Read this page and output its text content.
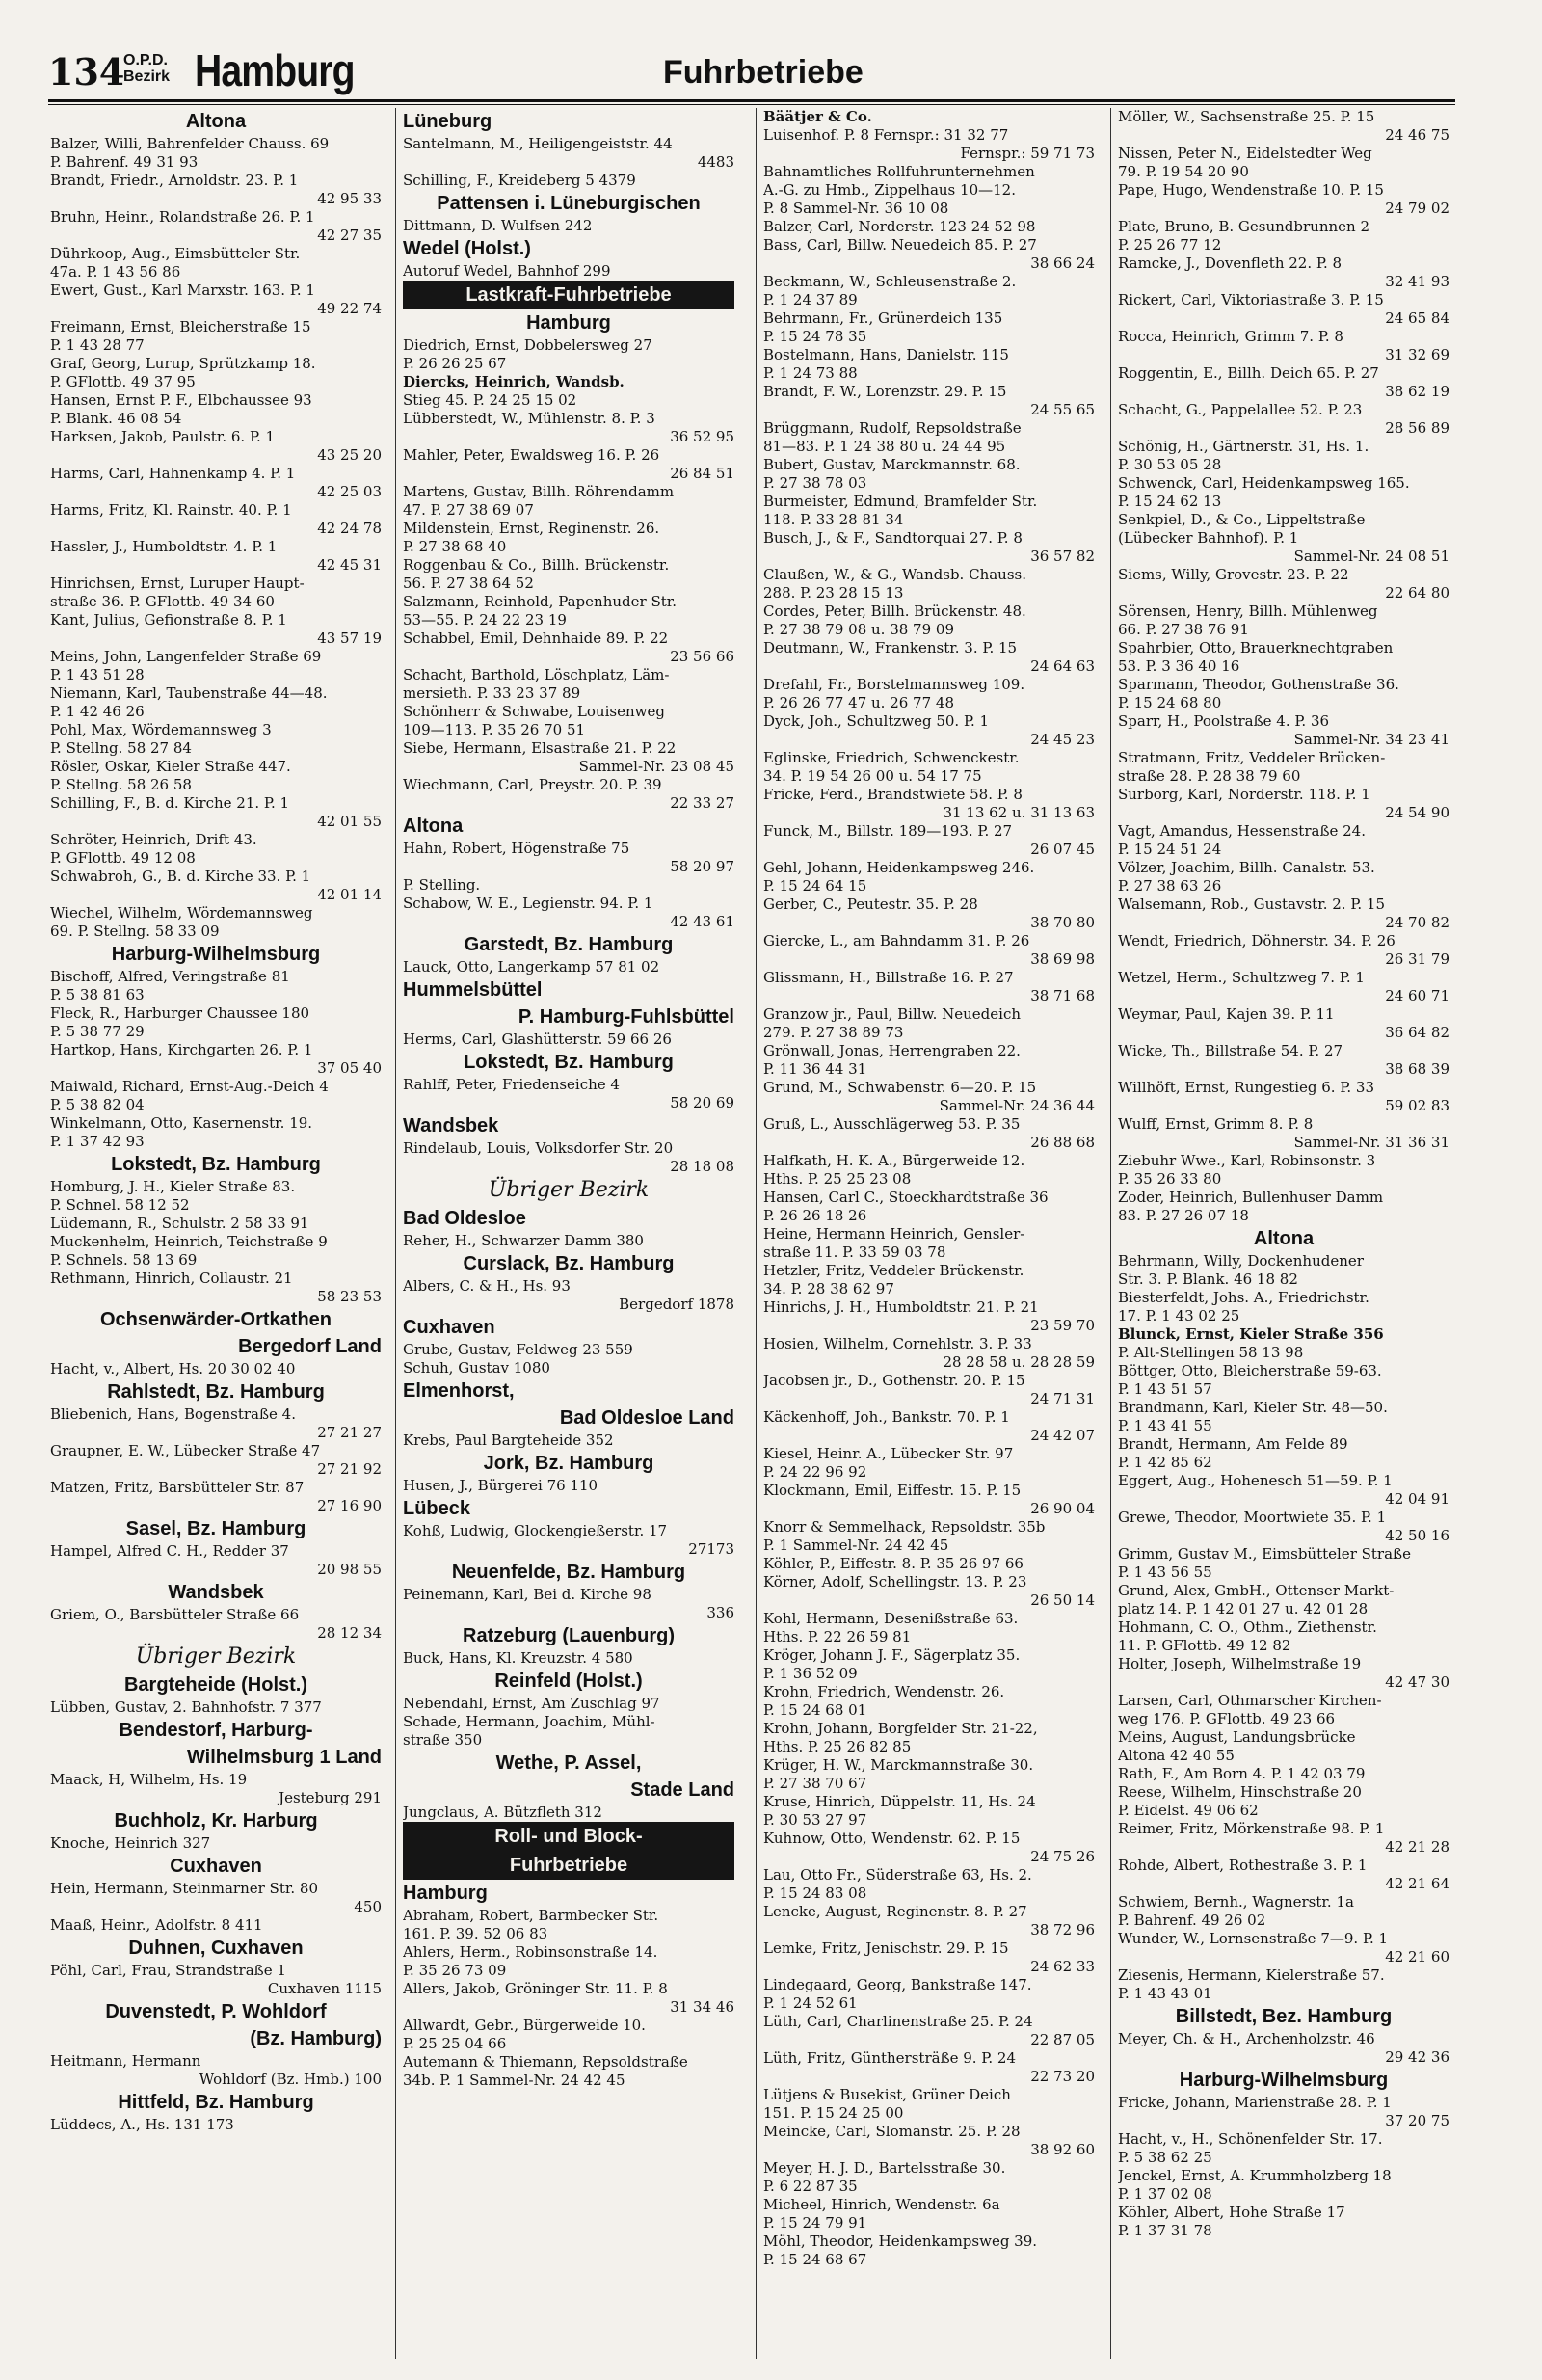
134
O.P.D.
Bezirk Hamburg	Fuhrbetriebe
Altona
Balzer, Willi, Bahrenfelder Chauss. 69
P. Bahrenf. 49 31 93
Brandt, Friedr., Arnoldstr. 23. P. 1
42 95 33
Bruhn, Heinr., Rolandstraße 26. P. 1
42 27 35
Dührkoop, Aug., Eimsbütteler Str.
47a. P. 1 43 56 86
Ewert, Gust., Karl Marxstr. 163. P. 1
49 22 74
Freimann, Ernst, Bleicherstraße 15
P. 1 43 28 77
Graf, Georg, Lurup, Sprützkamp 18.
P. GFlottb. 49 37 95
Hansen, Ernst P. F., Elbchaussee 93
P. Blank. 46 08 54
Harksen, Jakob, Paulstr. 6. P. 1
43 25 20
Harms, Carl, Hahnenkamp 4. P. 1
42 25 03
Harms, Fritz, Kl. Rainstr. 40. P. 1
42 24 78
Hassler, J., Humboldtstr. 4. P. 1
42 45 31
Hinrichsen, Ernst, Luruper Haupt-
straße 36. P. GFlottb. 49 34 60
Kant, Julius, Gefionstraße 8. P. 1
43 57 19
Meins, John, Langenfelder Straße 69
P. 1 43 51 28
Niemann, Karl, Taubenstraße 44—48.
P. 1 42 46 26
Pohl, Max, Wördemannsweg 3
P. Stellng. 58 27 84
Rösler, Oskar, Kieler Straße 447.
P. Stellng. 58 26 58
Schilling, F., B. d. Kirche 21. P. 1
42 01 55
Schröter, Heinrich, Drift 43.
P. GFlottb. 49 12 08
Schwabroh, G., B. d. Kirche 33. P. 1
42 01 14
Wiechel, Wilhelm, Wördemannsweg
69. P. Stellng. 58 33 09
Harburg-Wilhelmsburg
Bischoff, Alfred, Veringstraße 81
P. 5 38 81 63
Fleck, R., Harburger Chaussee 180
P. 5 38 77 29
Hartkop, Hans, Kirchgarten 26. P. 1
37 05 40
Maiwald, Richard, Ernst-Aug.-Deich 4
P. 5 38 82 04
Winkelmann, Otto, Kasernenstr. 19.
P. 1 37 42 93
Lokstedt, Bz. Hamburg
Homburg, J. H., Kieler Straße 83.
P. Schnel. 58 12 52
Lüdemann, R., Schulstr. 2 58 33 91
Muckenhelm, Heinrich, Teichstraße 9
P. Schnels. 58 13 69
Rethmann, Hinrich, Collaustr. 21
58 23 53
Ochsenwärder-Ortkathen
Bergedorf Land
Hacht, v., Albert, Hs. 20 30 02 40
Rahlstedt, Bz. Hamburg
Bliebenich, Hans, Bogenstraße 4.
27 21 27
Graupner, E. W., Lübecker Straße 47
27 21 92
Matzen, Fritz, Barsbütteler Str. 87
27 16 90
Sasel, Bz. Hamburg
Hampel, Alfred C. H., Redder 37
20 98 55
Wandsbek
Griem, O., Barsbütteler Straße 66
28 12 34
Übriger Bezirk
Bargteheide (Holst.)
Lübben, Gustav, 2. Bahnhofstr. 7 377
Bendestorf, Harburg-
Wilhelmsburg 1 Land
Maack, H, Wilhelm, Hs. 19
Jesteburg 291
Buchholz, Kr. Harburg
Knoche, Heinrich 327
Cuxhaven
Hein, Hermann, Steinmarner Str. 80
450
Maaß, Heinr., Adolfstr. 8 411
Duhnen, Cuxhaven
Pöhl, Carl, Frau, Strandstraße 1
Cuxhaven 1115
Duvenstedt, P. Wohldorf
(Bz. Hamburg)
Heitmann, Hermann
Wohldorf (Bz. Hmb.) 100
Hittfeld, Bz. Hamburg
Lüddecs, A., Hs. 131 173
Lüneburg
Santelmann, M., Heiligengeiststr. 44
4483
Schilling, F., Kreideberg 5 4379
Pattensen i. Lüneburgischen
Dittmann, D. Wulfsen 242
Wedel (Holst.)
Autoruf Wedel, Bahnhof 299
Lastkraft-Fuhrbetriebe
Hamburg
Diedrich, Ernst, Dobbelersweg 27
P. 26 26 25 67
Diercks, Heinrich, Wandsb.
Stieg 45. P. 24 25 15 02
Lübberstedt, W., Mühlenstr. 8. P. 3
36 52 95
Mahler, Peter, Ewaldsweg 16. P. 26
26 84 51
Martens, Gustav, Billh. Röhrendamm
47. P. 27 38 69 07
Mildenstein, Ernst, Reginenstr. 26.
P. 27 38 68 40
Roggenbau & Co., Billh. Brückenstr.
56. P. 27 38 64 52
Salzmann, Reinhold, Papenhuder Str.
53—55. P. 24 22 23 19
Schabbel, Emil, Dehnhaide 89. P. 22
23 56 66
Schacht, Barthold, Löschplatz, Läm-
mersieth. P. 33 23 37 89
Schönherr & Schwabe, Louisenweg
109—113. P. 35 26 70 51
Siebe, Hermann, Elsastraße 21. P. 22
Sammel-Nr. 23 08 45
Wiechmann, Carl, Preystr. 20. P. 39
22 33 27
Altona
Hahn, Robert, Högenstraße 75
58 20 97
P. Stelling.
Schabow, W. E., Legienstr. 94. P. 1
42 43 61
Garstedt, Bz. Hamburg
Lauck, Otto, Langerkamp 57 81 02
Hummelsbüttel
P. Hamburg-Fuhlsbüttel
Herms, Carl, Glashütterstr. 59 66 26
Lokstedt, Bz. Hamburg
Rahlff, Peter, Friedenseiche 4
58 20 69
Wandsbek
Rindelaub, Louis, Volksdorfer Str. 20
28 18 08
Übriger Bezirk
Bad Oldesloe
Reher, H., Schwarzer Damm 380
Curslack, Bz. Hamburg
Albers, C. & H., Hs. 93
Bergedorf 1878
Cuxhaven
Grube, Gustav, Feldweg 23 559
Schuh, Gustav 1080
Elmenhorst,
Bad Oldesloe Land
Krebs, Paul Bargteheide 352
Jork, Bz. Hamburg
Husen, J., Bürgerei 76 110
Lübeck
Kohß, Ludwig, Glockengießerstr. 17
27173
Neuenfelde, Bz. Hamburg
Peinemann, Karl, Bei d. Kirche 98
336
Ratzeburg (Lauenburg)
Buck, Hans, Kl. Kreuzstr. 4 580
Reinfeld (Holst.)
Nebendahl, Ernst, Am Zuschlag 97
Schade, Hermann, Joachim, Mühl-
straße 350
Wethe, P. Assel,
Stade Land
Jungclaus, A. Bützfleth 312
Roll- und Block-
Fuhrbetriebe
Hamburg
Abraham, Robert, Barmbecker Str.
161. P. 39. 52 06 83
Ahlers, Herm., Robinsonstraße 14.
P. 35 26 73 09
Allers, Jakob, Gröninger Str. 11. P. 8
31 34 46
Allwardt, Gebr., Bürgerweide 10.
P. 25 25 04 66
Autemann & Thiemann, Repsoldstraße
34b. P. 1 Sammel-Nr. 24 42 45
Bäätjer & Co.
Luisenhof. P. 8 Fernspr.: 31 32 77
Fernspr.: 59 71 73
Bahnamtliches Rollfuhrunternehmen
A.-G. zu Hmb., Zippelhaus 10—12.
P. 8 Sammel-Nr. 36 10 08
Balzer, Carl, Norderstr. 123 24 52 98
Bass, Carl, Billw. Neuedeich 85. P. 27
38 66 24
Beckmann, W., Schleusenstraße 2.
P. 1 24 37 89
Behrmann, Fr., Grünerdeich 135
P. 15 24 78 35
Bostelmann, Hans, Danielstr. 115
P. 1 24 73 88
Brandt, F. W., Lorenzstr. 29. P. 15
24 55 65
Brüggmann, Rudolf, Repsoldstraße
81—83. P. 1 24 38 80 u. 24 44 95
Bubert, Gustav, Marckmannstr. 68.
P. 27 38 78 03
Burmeister, Edmund, Bramfelder Str.
118. P. 33 28 81 34
Busch, J., & F., Sandtorquai 27. P. 8
36 57 82
Claußen, W., & G., Wandsb. Chauss.
288. P. 23 28 15 13
Cordes, Peter, Billh. Brückenstr. 48.
P. 27 38 79 08 u. 38 79 09
Deutmann, W., Frankenstr. 3. P. 15
24 64 63
Drefahl, Fr., Borstelmannsweg 109.
P. 26 26 77 47 u. 26 77 48
Dyck, Joh., Schultzweg 50. P. 1
24 45 23
Eglinske, Friedrich, Schwenckestr.
34. P. 19 54 26 00 u. 54 17 75
Fricke, Ferd., Brandstwiete 58. P. 8
31 13 62 u. 31 13 63
Funck, M., Billstr. 189—193. P. 27
26 07 45
Gehl, Johann, Heidenkampsweg 246.
P. 15 24 64 15
Gerber, C., Peutestr. 35. P. 28
38 70 80
Giercke, L., am Bahndamm 31. P. 26
38 69 98
Glissmann, H., Billstraße 16. P. 27
38 71 68
Granzow jr., Paul, Billw. Neuedeich
279. P. 27 38 89 73
Grönwall, Jonas, Herrengraben 22.
P. 11 36 44 31
Grund, M., Schwabenstr. 6—20. P. 15
Sammel-Nr. 24 36 44
Gruß, L., Ausschlägerweg 53. P. 35
26 88 68
Halfkath, H. K. A., Bürgerweide 12.
Hths. P. 25 25 23 08
Hansen, Carl C., Stoeckhardtstraße 36
P. 26 26 18 26
Heine, Hermann Heinrich, Gensler-
straße 11. P. 33 59 03 78
Hetzler, Fritz, Veddeler Brückenstr.
34. P. 28 38 62 97
Hinrichs, J. H., Humboldtstr. 21. P. 21
23 59 70
Hosien, Wilhelm, Cornehlstr. 3. P. 33
28 28 58 u. 28 28 59
Jacobsen jr., D., Gothenstr. 20. P. 15
24 71 31
Käckenhoff, Joh., Bankstr. 70. P. 1
24 42 07
Kiesel, Heinr. A., Lübecker Str. 97
P. 24 22 96 92
Klockmann, Emil, Eiffestr. 15. P. 15
26 90 04
Knorr & Semmelhack, Repsoldstr. 35b
P. 1 Sammel-Nr. 24 42 45
Köhler, P., Eiffestr. 8. P. 35 26 97 66
Körner, Adolf, Schellingstr. 13. P. 23
26 50 14
Kohl, Hermann, Desenißstraße 63.
Hths. P. 22 26 59 81
Kröger, Johann J. F., Sägerplatz 35.
P. 1 36 52 09
Krohn, Friedrich, Wendenstr. 26.
P. 15 24 68 01
Krohn, Johann, Borgfelder Str. 21-22,
Hths. P. 25 26 82 85
Krüger, H. W., Marckmannstraße 30.
P. 27 38 70 67
Kruse, Hinrich, Düppelstr. 11, Hs. 24
P. 30 53 27 97
Kuhnow, Otto, Wendenstr. 62. P. 15
24 75 26
Lau, Otto Fr., Süderstraße 63, Hs. 2.
P. 15 24 83 08
Lencke, August, Reginenstr. 8. P. 27
38 72 96
Lemke, Fritz, Jenischstr. 29. P. 15
24 62 33
Lindegaard, Georg, Bankstraße 147.
P. 1 24 52 61
Lüth, Carl, Charlinenstraße 25. P. 24
22 87 05
Lüth, Fritz, Günthersträße 9. P. 24
22 73 20
Lütjens & Busekist, Grüner Deich
151. P. 15 24 25 00
Meincke, Carl, Slomanstr. 25. P. 28
38 92 60
Meyer, H. J. D., Bartelsstraße 30.
P. 6 22 87 35
Micheel, Hinrich, Wendenstr. 6a
P. 15 24 79 91
Möhl, Theodor, Heidenkampsweg 39.
P. 15 24 68 67
Möller, W., Sachsenstraße 25. P. 15
24 46 75
Nissen, Peter N., Eidelstedter Weg
79. P. 19 54 20 90
Pape, Hugo, Wendenstraße 10. P. 15
24 79 02
Plate, Bruno, B. Gesundbrunnen 2
P. 25 26 77 12
Ramcke, J., Dovenfleth 22. P. 8
32 41 93
Rickert, Carl, Viktoriastraße 3. P. 15
24 65 84
Rocca, Heinrich, Grimm 7. P. 8
31 32 69
Roggentin, E., Billh. Deich 65. P. 27
38 62 19
Schacht, G., Pappelallee 52. P. 23
28 56 89
Schönig, H., Gärtnerstr. 31, Hs. 1.
P. 30 53 05 28
Schwenck, Carl, Heidenkampsweg 165.
P. 15 24 62 13
Senkpiel, D., & Co., Lippeltstraße
(Lübecker Bahnhof). P. 1
Sammel-Nr. 24 08 51
Siems, Willy, Grovestr. 23. P. 22
22 64 80
Sörensen, Henry, Billh. Mühlenweg
66. P. 27 38 76 91
Spahrbier, Otto, Brauerknechtgraben
53. P. 3 36 40 16
Sparmann, Theodor, Gothenstraße 36.
P. 15 24 68 80
Sparr, H., Poolstraße 4. P. 36
Sammel-Nr. 34 23 41
Stratmann, Fritz, Veddeler Brücken-
straße 28. P. 28 38 79 60
Surborg, Karl, Norderstr. 118. P. 1
24 54 90
Vagt, Amandus, Hessenstraße 24.
P. 15 24 51 24
Völzer, Joachim, Billh. Canalstr. 53.
P. 27 38 63 26
Walsemann, Rob., Gustavstr. 2. P. 15
24 70 82
Wendt, Friedrich, Döhnerstr. 34. P. 26
26 31 79
Wetzel, Herm., Schultzweg 7. P. 1
24 60 71
Weymar, Paul, Kajen 39. P. 11
36 64 82
Wicke, Th., Billstraße 54. P. 27
38 68 39
Willhöft, Ernst, Rungestieg 6. P. 33
59 02 83
Wulff, Ernst, Grimm 8. P. 8
Sammel-Nr. 31 36 31
Ziebuhr Wwe., Karl, Robinsonstr. 3
P. 35 26 33 80
Zoder, Heinrich, Bullenhuser Damm
83. P. 27 26 07 18
Altona
Behrmann, Willy, Dockenhudener
Str. 3. P. Blank. 46 18 82
Biesterfeldt, Johs. A., Friedrichstr.
17. P. 1 43 02 25
Blunck, Ernst, Kieler Straße 356
P. Alt-Stellingen 58 13 98
Böttger, Otto, Bleicherstraße 59-63.
P. 1 43 51 57
Brandmann, Karl, Kieler Str. 48—50.
P. 1 43 41 55
Brandt, Hermann, Am Felde 89
P. 1 42 85 62
Eggert, Aug., Hohenesch 51—59. P. 1
42 04 91
Grewe, Theodor, Moortwiete 35. P. 1
42 50 16
Grimm, Gustav M., Eimsbütteler Straße
P. 1 43 56 55
Grund, Alex, GmbH., Ottenser Markt-
platz 14. P. 1 42 01 27 u. 42 01 28
Hohmann, C. O., Othm., Ziethenstr.
11. P. GFlottb. 49 12 82
Holter, Joseph, Wilhelmstraße 19
42 47 30
Larsen, Carl, Othmarscher Kirchen-
weg 176. P. GFlottb. 49 23 66
Meins, August, Landungsbrücke
Altona 42 40 55
Rath, F., Am Born 4. P. 1 42 03 79
Reese, Wilhelm, Hinschstraße 20
P. Eidelst. 49 06 62
Reimer, Fritz, Mörkenstraße 98. P. 1
42 21 28
Rohde, Albert, Rothestraße 3. P. 1
42 21 64
Schwiem, Bernh., Wagnerstr. 1a
P. Bahrenf. 49 26 02
Wunder, W., Lornsenstraße 7—9. P. 1
42 21 60
Ziesenis, Hermann, Kielerstraße 57.
P. 1 43 43 01
Billstedt, Bez. Hamburg
Meyer, Ch. & H., Archenholzstr. 46
29 42 36
Harburg-Wilhelmsburg
Fricke, Johann, Marienstraße 28. P. 1
37 20 75
Hacht, v., H., Schönenfelder Str. 17.
P. 5 38 62 25
Jenckel, Ernst, A. Krummholzberg 18
P. 1 37 02 08
Köhler, Albert, Hohe Straße 17
P. 1 37 31 78
